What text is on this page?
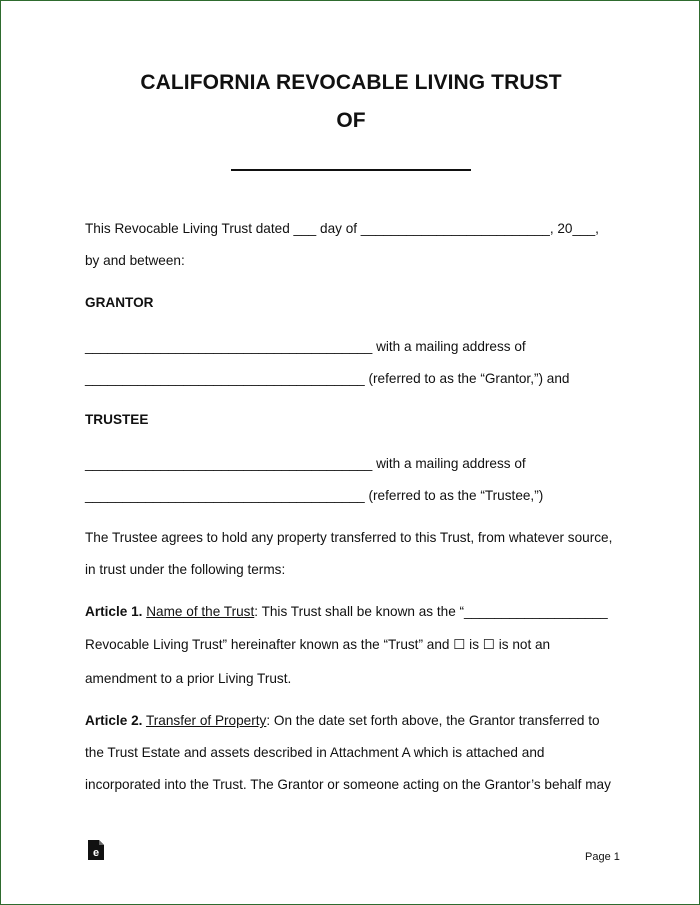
CALIFORNIA REVOCABLE LIVING TRUST
OF
This Revocable Living Trust dated ___ day of _________________________, 20___,
by and between:
GRANTOR
______________________________________ with a mailing address of
_____________________________________ (referred to as the “Grantor,”) and
TRUSTEE
______________________________________ with a mailing address of
_____________________________________ (referred to as the “Trustee,”)
The Trustee agrees to hold any property transferred to this Trust, from whatever source,
in trust under the following terms:
Article 1. Name of the Trust: This Trust shall be known as the “___________________
Revocable Living Trust” hereinafter known as the “Trust” and ☐ is ☐ is not an
amendment to a prior Living Trust.
Article 2. Transfer of Property: On the date set forth above, the Grantor transferred to
the Trust Estate and assets described in Attachment A which is attached and
incorporated into the Trust. The Grantor or someone acting on the Grantor’s behalf may
e	Page 1
